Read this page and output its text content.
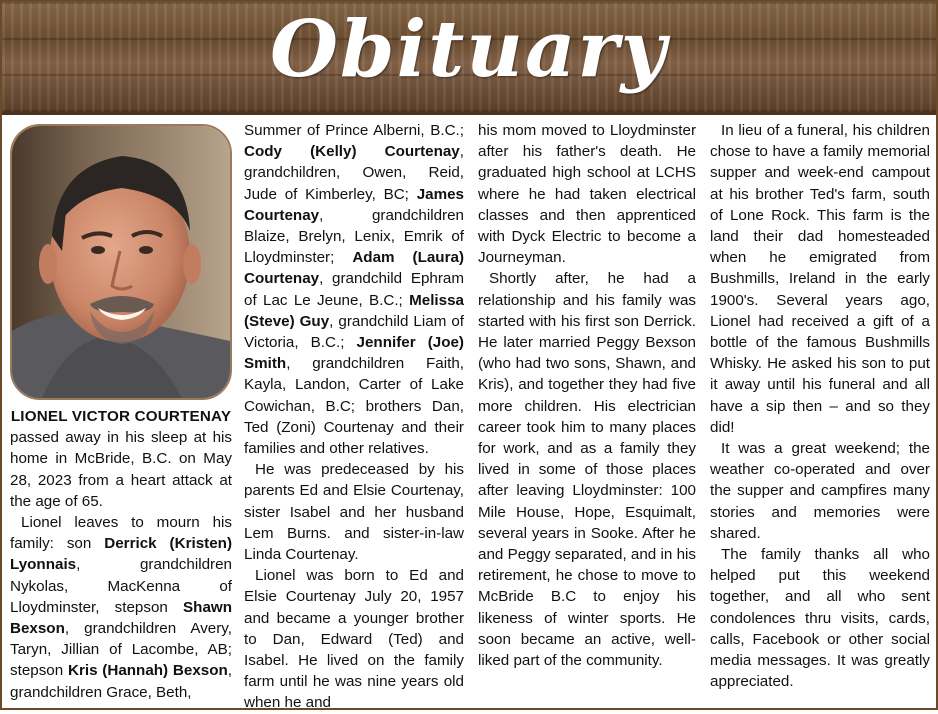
Obituary

LIONEL VICTOR COURTENAY

passed away in his sleep at his home in McBride, B.C. on May 28, 2023 from a heart attack at the age of 65.

Lionel leaves to mourn his family: son Derrick (Kristen) Lyonnais, grandchildren Nykolas, MacKenna of Lloydminster, stepson Shawn Bexson, grandchildren Avery, Taryn, Jillian of Lacombe, AB; stepson Kris (Hannah) Bexson, grandchildren Grace, Beth,

Summer of Prince Alberni, B.C.; Cody (Kelly) Courtenay, grandchildren, Owen, Reid, Jude of Kimberley, BC; James Courtenay, grandchildren Blaize, Brelyn, Lenix, Emrik of Lloydminster; Adam (Laura) Courtenay, grandchild Ephram of Lac Le Jeune, B.C.; Melissa (Steve) Guy, grandchild Liam of Victoria, B.C.; Jennifer (Joe) Smith, grandchildren Faith, Kayla, Landon, Carter of Lake Cowichan, B.C; brothers Dan, Ted (Zoni) Courtenay and their families and other relatives.

He was predeceased by his parents Ed and Elsie Courtenay, sister Isabel and her husband Lem Burns. and sister-in-law Linda Courtenay.

Lionel was born to Ed and Elsie Courtenay July 20, 1957 and became a younger brother to Dan, Edward (Ted) and Isabel. He lived on the family farm until he was nine years old when he and

his mom moved to Lloydminster after his father's death. He graduated high school at LCHS where he had taken electrical classes and then apprenticed with Dyck Electric to become a Journeyman.

Shortly after, he had a relationship and his family was started with his first son Derrick. He later married Peggy Bexson (who had two sons, Shawn, and Kris), and together they had five more children. His electrician career took him to many places for work, and as a family they lived in some of those places after leaving Lloydminster: 100 Mile House, Hope, Esquimalt, several years in Sooke. After he and Peggy separated, and in his retirement, he chose to move to McBride B.C to enjoy his likeness of winter sports. He soon became an active, well-liked part of the community.

In lieu of a funeral, his children chose to have a family memorial supper and week-end campout at his brother Ted's farm, south of Lone Rock. This farm is the land their dad homesteaded when he emigrated from Bushmills, Ireland in the early 1900's. Several years ago, Lionel had received a gift of a bottle of the famous Bushmills Whisky. He asked his son to put it away until his funeral and all have a sip then – and so they did!

It was a great weekend; the weather co-operated and over the supper and campfires many stories and memories were shared.

The family thanks all who helped put this weekend together, and all who sent condolences thru visits, cards, calls, Facebook or other social media messages. It was greatly appreciated.
